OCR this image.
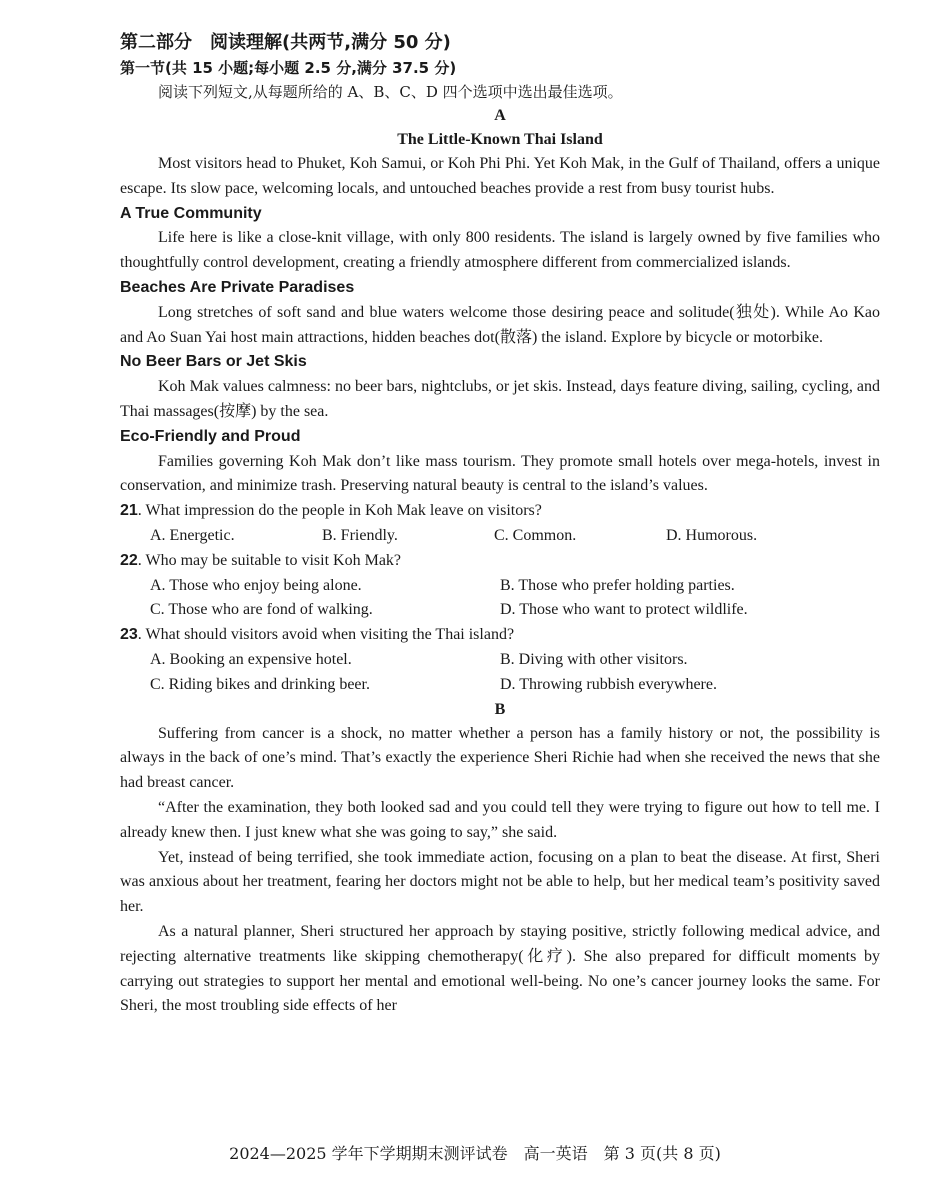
第二部分　阅读理解(共两节,满分 50 分)

第一节(共 15 小题;每小题 2.5 分,满分 37.5 分)

阅读下列短文,从每题所给的 A、B、C、D 四个选项中选出最佳选项。

A

The Little-Known Thai Island

Most visitors head to Phuket, Koh Samui, or Koh Phi Phi. Yet Koh Mak, in the Gulf of Thailand, offers a unique escape. Its slow pace, welcoming locals, and untouched beaches provide a rest from busy tourist hubs.

A True Community

Life here is like a close-knit village, with only 800 residents. The island is largely owned by five families who thoughtfully control development, creating a friendly atmosphere different from commercialized islands.

Beaches Are Private Paradises

Long stretches of soft sand and blue waters welcome those desiring peace and solitude(独处). While Ao Kao and Ao Suan Yai host main attractions, hidden beaches dot(散落) the island. Explore by bicycle or motorbike.

No Beer Bars or Jet Skis

Koh Mak values calmness: no beer bars, nightclubs, or jet skis. Instead, days feature diving, sailing, cycling, and Thai massages(按摩) by the sea.

Eco-Friendly and Proud

Families governing Koh Mak don’t like mass tourism. They promote small hotels over mega-hotels, invest in conservation, and minimize trash. Preserving natural beauty is central to the island’s values.

21. What impression do the people in Koh Mak leave on visitors?

A. Energetic.	B. Friendly.	C. Common.	D. Humorous.

22. Who may be suitable to visit Koh Mak?

A. Those who enjoy being alone.	B. Those who prefer holding parties.
C. Those who are fond of walking.	D. Those who want to protect wildlife.

23. What should visitors avoid when visiting the Thai island?

A. Booking an expensive hotel.	B. Diving with other visitors.
C. Riding bikes and drinking beer.	D. Throwing rubbish everywhere.

B

Suffering from cancer is a shock, no matter whether a person has a family history or not, the possibility is always in the back of one’s mind. That’s exactly the experience Sheri Richie had when she received the news that she had breast cancer.

“After the examination, they both looked sad and you could tell they were trying to figure out how to tell me. I already knew then. I just knew what she was going to say,” she said.

Yet, instead of being terrified, she took immediate action, focusing on a plan to beat the disease. At first, Sheri was anxious about her treatment, fearing her doctors might not be able to help, but her medical team’s positivity saved her.

As a natural planner, Sheri structured her approach by staying positive, strictly following medical advice, and rejecting alternative treatments like skipping chemotherapy(化疗). She also prepared for difficult moments by carrying out strategies to support her mental and emotional well-being. No one’s cancer journey looks the same. For Sheri, the most troubling side effects of her

2024—2025 学年下学期期末测评试卷　高一英语　第 3 页(共 8 页)
